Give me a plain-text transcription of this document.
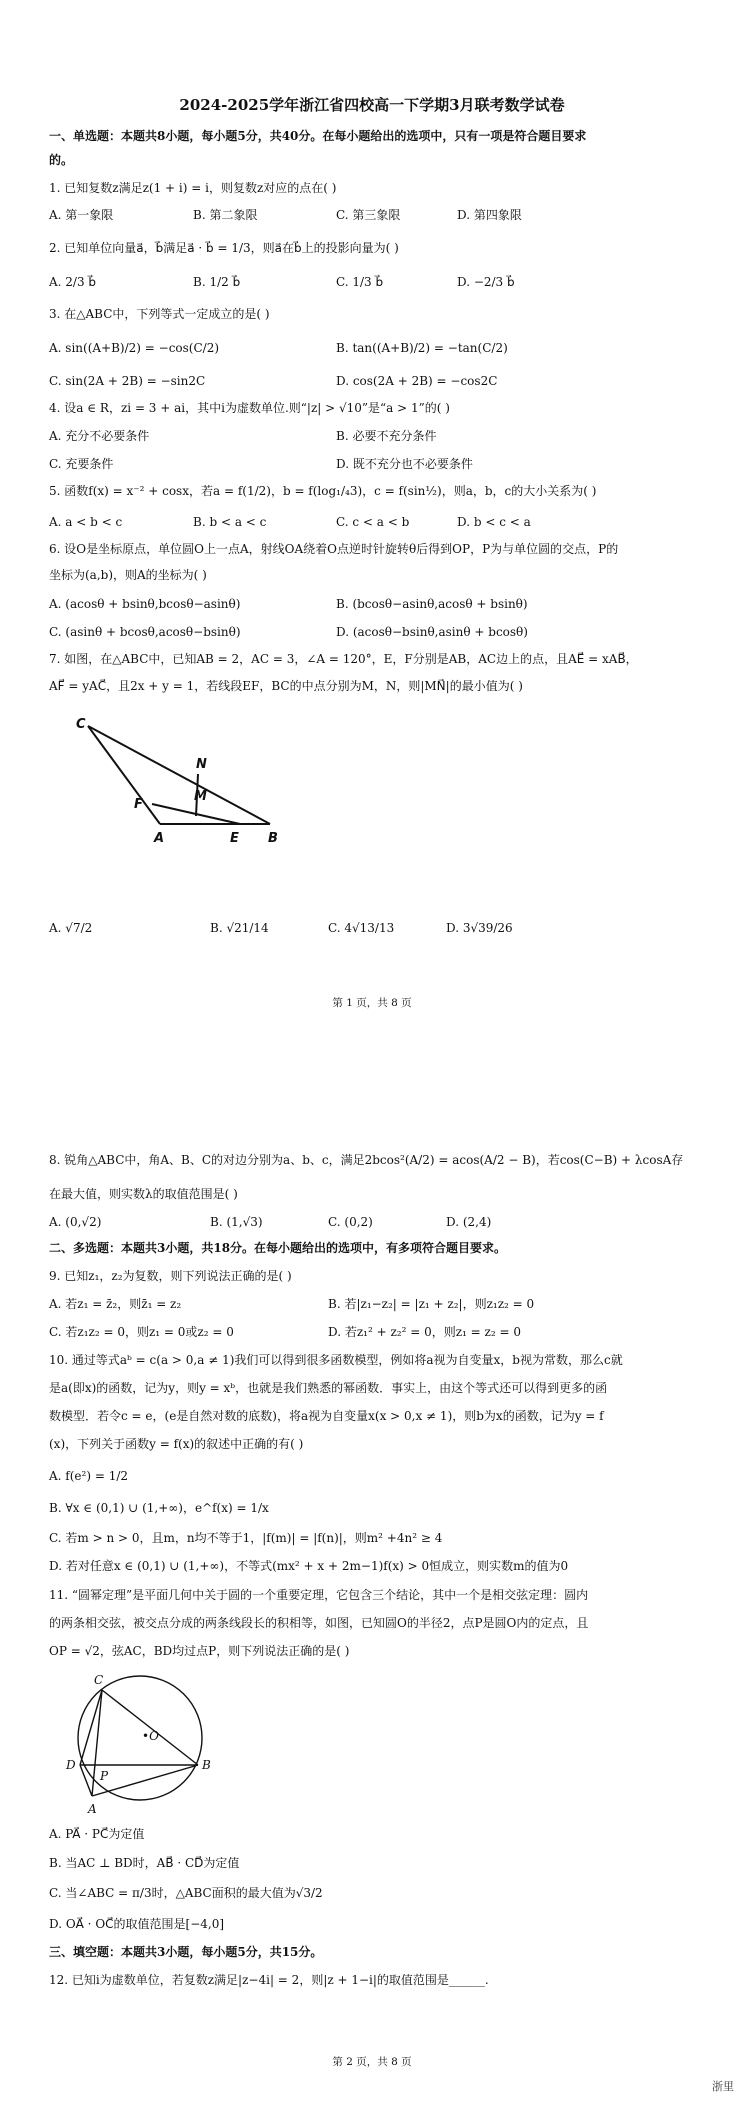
2024-2025学年浙江省四校高一下学期3月联考数学试卷
一、单选题：本题共8小题，每小题5分，共40分。在每小题给出的选项中，只有一项是符合题目要求
的。
1. 已知复数z满足z(1 + i) = i，则复数z对应的点在( )
A. 第一象限	B. 第二象限	C. 第三象限	D. 第四象限
2. 已知单位向量a⃗，b⃗满足a⃗ · b⃗ = 1/3，则a⃗在b⃗上的投影向量为( )
A. 2/3 b⃗	B. 1/2 b⃗	C. 1/3 b⃗	D. −2/3 b⃗
3. 在△ABC中，下列等式一定成立的是( )
A. sin((A+B)/2) = −cos(C/2)	B. tan((A+B)/2) = −tan(C/2)
C. sin(2A + 2B) = −sin2C	D. cos(2A + 2B) = −cos2C
4. 设a ∈ R，zi = 3 + ai，其中i为虚数单位.则“|z| > √10”是“a > 1”的( )
A. 充分不必要条件	B. 必要不充分条件
C. 充要条件	D. 既不充分也不必要条件
5. 函数f(x) = x⁻² + cosx，若a = f(1/2)，b = f(log₁/₄3)，c = f(sin½)，则a，b，c的大小关系为( )
A. a < b < c	B. b < a < c	C. c < a < b	D. b < c < a
6. 设O是坐标原点，单位圆O上一点A，射线OA绕着O点逆时针旋转θ后得到OP，P为与单位圆的交点，P的
坐标为(a,b)，则A的坐标为( )
A. (acosθ + bsinθ,bcosθ−asinθ)	B. (bcosθ−asinθ,acosθ + bsinθ)
C. (asinθ + bcosθ,acosθ−bsinθ)	D. (acosθ−bsinθ,asinθ + bcosθ)
7. 如图，在△ABC中，已知AB = 2，AC = 3，∠A = 120°，E，F分别是AB，AC边上的点，且AE⃗ = xAB⃗，
AF⃗ = yAC⃗，且2x + y = 1，若线段EF，BC的中点分别为M，N，则|MN⃗|的最小值为( )
C
N
M
F
A	E B
A. √7/2	B. √21/14	C. 4√13/13	D. 3√39/26
第 1 页，共 8 页
8. 锐角△ABC中，角A、B、C的对边分别为a、b、c，满足2bcos²(A/2) = acos(A/2 − B)，若cos(C−B) + λcosA存
在最大值，则实数λ的取值范围是( )
A. (0,√2)	B. (1,√3)	C. (0,2)	D. (2,4)
二、多选题：本题共3小题，共18分。在每小题给出的选项中，有多项符合题目要求。
9. 已知z₁，z₂为复数，则下列说法正确的是( )
A. 若z₁ = z̄₂，则z̄₁ = z₂	B. 若|z₁−z₂| = |z₁ + z₂|，则z₁z₂ = 0
C. 若z₁z₂ = 0，则z₁ = 0或z₂ = 0	D. 若z₁² + z₂² = 0，则z₁ = z₂ = 0
10. 通过等式aᵇ = c(a > 0,a ≠ 1)我们可以得到很多函数模型，例如将a视为自变量x，b视为常数，那么c就
是a(即x)的函数，记为y，则y = xᵇ，也就是我们熟悉的幂函数．事实上，由这个等式还可以得到更多的函
数模型．若令c = e，(e是自然对数的底数)，将a视为自变量x(x > 0,x ≠ 1)，则b为x的函数，记为y = f
(x)，下列关于函数y = f(x)的叙述中正确的有( )
A. f(e²) = 1/2
B. ∀x ∈ (0,1) ∪ (1,+∞)，e^f(x) = 1/x
C. 若m > n > 0，且m，n均不等于1，|f(m)| = |f(n)|，则m² +4n² ≥ 4
D. 若对任意x ∈ (0,1) ∪ (1,+∞)，不等式(mx² + x + 2m−1)f(x) > 0恒成立，则实数m的值为0
11. “圆幂定理”是平面几何中关于圆的一个重要定理，它包含三个结论，其中一个是相交弦定理：圆内
的两条相交弦，被交点分成的两条线段长的积相等，如图，已知圆O的半径2，点P是圆O内的定点，且
OP = √2，弦AC，BD均过点P，则下列说法正确的是( )
C
•O
D
P
B
A
A. PA⃗ · PC⃗为定值
B. 当AC ⊥ BD时，AB⃗ · CD⃗为定值
C. 当∠ABC = π/3时，△ABC面积的最大值为√3/2
D. OA⃗ · OC⃗的取值范围是[−4,0]
三、填空题：本题共3小题，每小题5分，共15分。
12. 已知i为虚数单位，若复数z满足|z−4i| = 2，则|z + 1−i|的取值范围是______.
第 2 页，共 8 页
浙里
